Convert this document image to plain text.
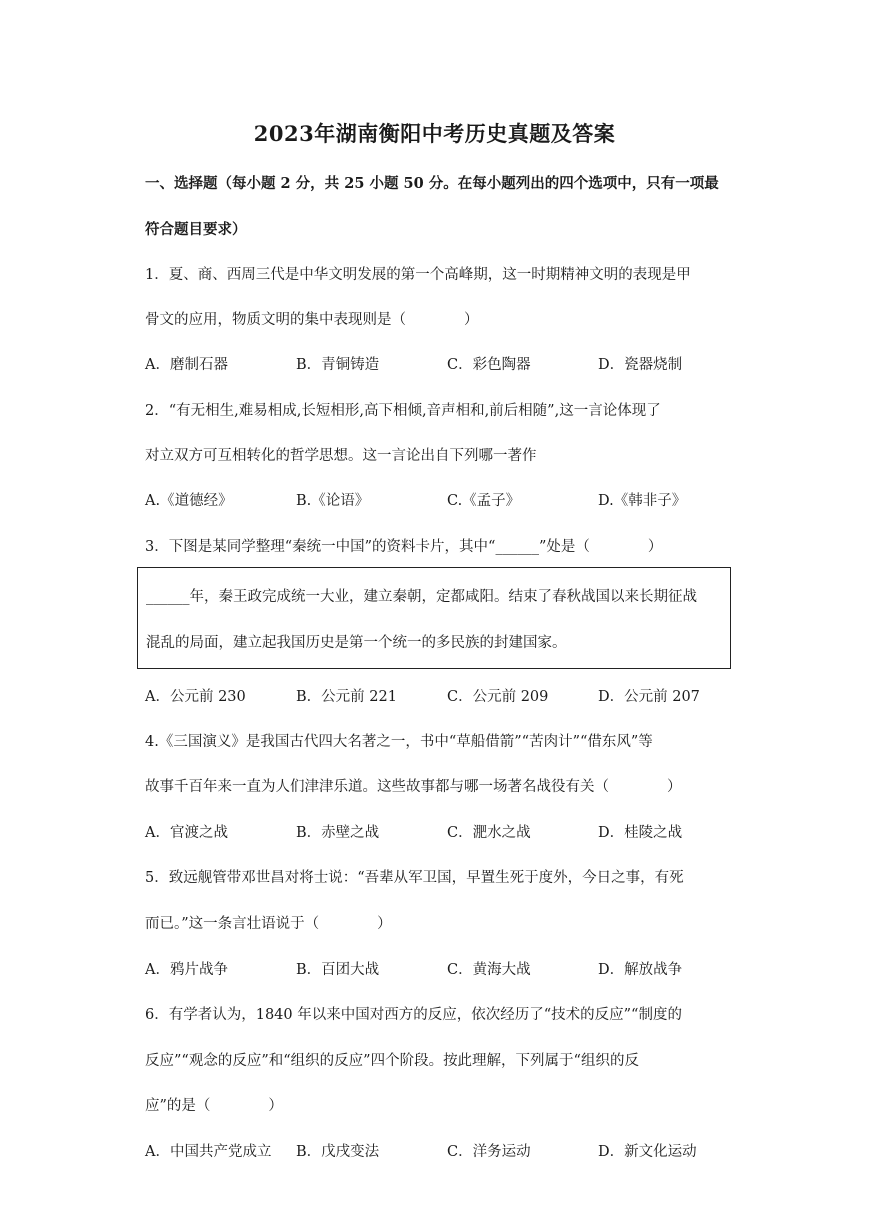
2023年湖南衡阳中考历史真题及答案
一、选择题（每小题 2 分，共 25 小题 50 分。在每小题列出的四个选项中，只有一项最
符合题目要求）
1．夏、商、西周三代是中华文明发展的第一个高峰期，这一时期精神文明的表现是甲
骨文的应用，物质文明的集中表现则是（　　　　）
A．磨制石器	B．青铜铸造	C．彩色陶器	D．瓷器烧制
2．“有无相生,难易相成,长短相形,高下相倾,音声相和,前后相随”,这一言论体现了
对立双方可互相转化的哲学思想。这一言论出自下列哪一著作
A.《道德经》	B.《论语》	C.《孟子》	D.《韩非子》
3．下图是某同学整理“秦统一中国”的资料卡片，其中“______”处是（　　　　）
______年，秦王政完成统一大业，建立秦朝，定都咸阳。结束了春秋战国以来长期征战
混乱的局面，建立起我国历史是第一个统一的多民族的封建国家。
A．公元前 230	B．公元前 221	C．公元前 209	D．公元前 207
4.《三国演义》是我国古代四大名著之一，书中“草船借箭”“苦肉计”“借东风”等
故事千百年来一直为人们津津乐道。这些故事都与哪一场著名战役有关（　　　　）
A．官渡之战	B．赤壁之战	C．淝水之战	D．桂陵之战
5．致远舰管带邓世昌对将士说：“吾辈从军卫国，早置生死于度外，今日之事，有死
而已。”这一条言壮语说于（　　　　）
A．鸦片战争	B．百团大战	C．黄海大战	D．解放战争
6．有学者认为，1840 年以来中国对西方的反应，依次经历了“技术的反应”“制度的
反应”“观念的反应”和“组织的反应”四个阶段。按此理解，下列属于“组织的反
应”的是（　　　　）
A．中国共产党成立 B．戊戌变法	C．洋务运动	D．新文化运动
